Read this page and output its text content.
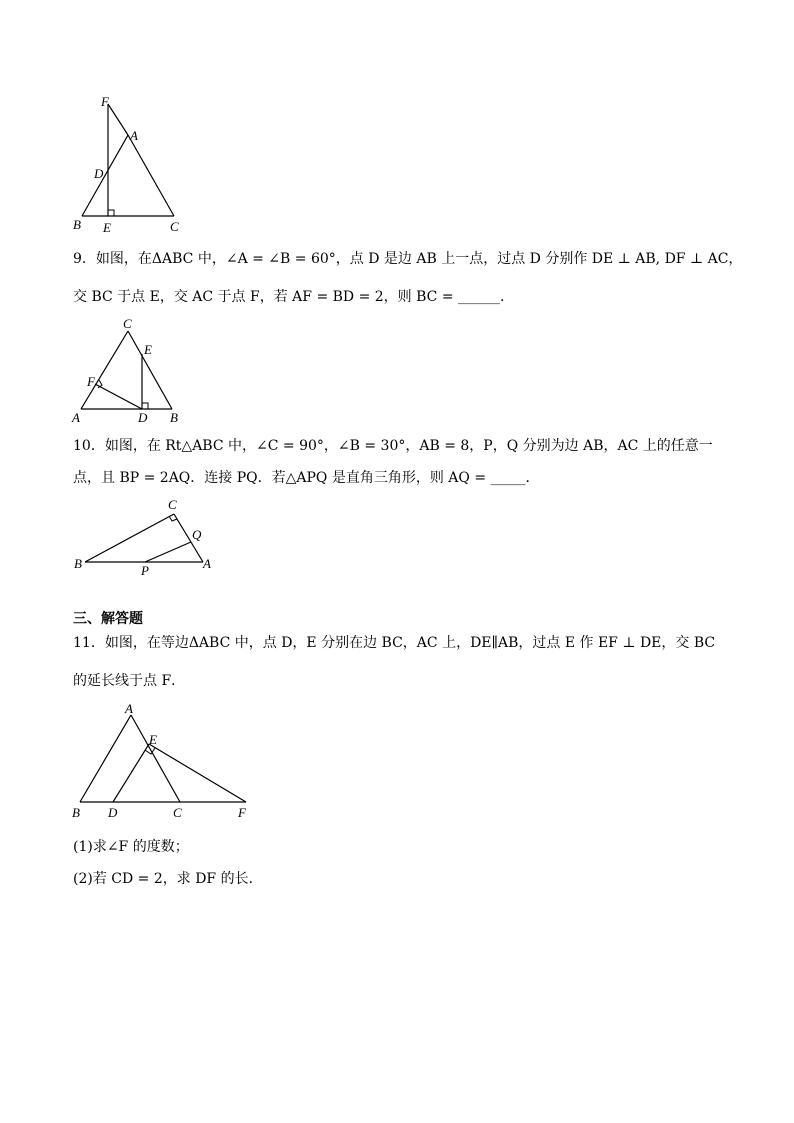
F
A
D
B E	C
9．如图，在ΔABC 中，∠A = ∠B = 60°，点 D 是边 AB 上一点，过点 D 分别作 DE ⊥ AB, DF ⊥ AC，
交 BC 于点 E，交 AC 于点 F，若 AF = BD = 2，则 BC = ______．
C
E
F
A	D B
10．如图，在 Rt△ABC 中，∠C = 90°，∠B = 30°，AB = 8，P，Q 分别为边 AB，AC 上的任意一
点，且 BP = 2AQ．连接 PQ．若△APQ 是直角三角形，则 AQ = _____．
C
Q
B	P	A
三、解答题
11．如图，在等边ΔABC 中，点 D，E 分别在边 BC，AC 上，DE∥AB，过点 E 作 EF ⊥ DE，交 BC
的延长线于点 F．
A
E
B D	C	F
(1)求∠F 的度数；
(2)若 CD = 2，求 DF 的长．
